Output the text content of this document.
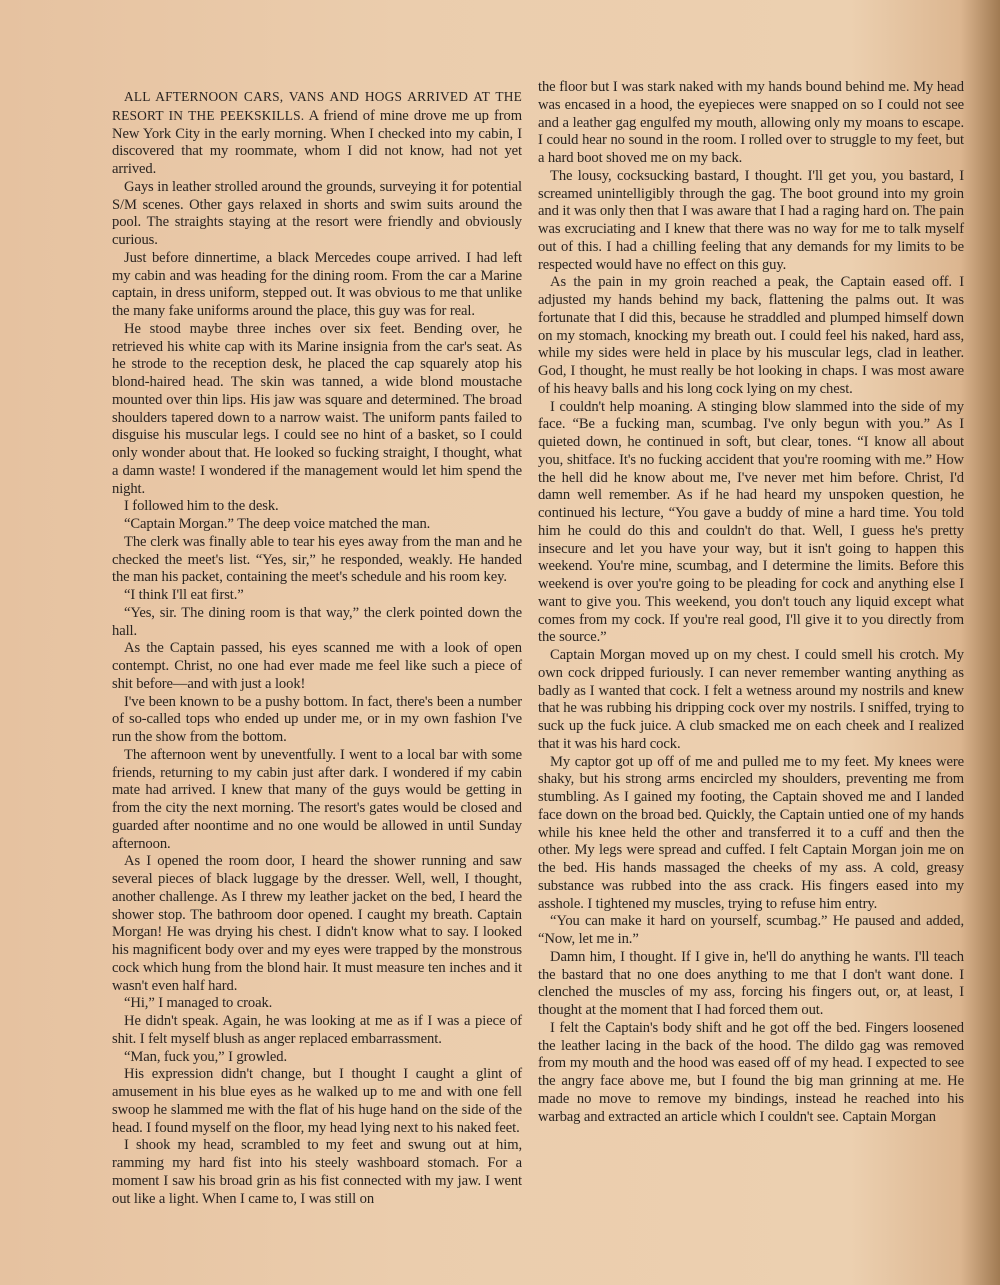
ALL AFTERNOON CARS, VANS AND HOGS ARRIVED AT THE RESORT IN THE PEEKSKILLS. A friend of mine drove me up from New York City in the early morning. When I checked into my cabin, I discovered that my roommate, whom I did not know, had not yet arrived.

Gays in leather strolled around the grounds, surveying it for potential S/M scenes. Other gays relaxed in shorts and swim suits around the pool. The straights staying at the resort were friendly and obviously curious.

Just before dinnertime, a black Mercedes coupe arrived. I had left my cabin and was heading for the dining room. From the car a Marine captain, in dress uniform, stepped out. It was obvious to me that unlike the many fake uniforms around the place, this guy was for real.

He stood maybe three inches over six feet. Bending over, he retrieved his white cap with its Marine insignia from the car's seat. As he strode to the reception desk, he placed the cap squarely atop his blond-haired head. The skin was tanned, a wide blond moustache mounted over thin lips. His jaw was square and determined. The broad shoulders tapered down to a narrow waist. The uniform pants failed to disguise his muscular legs. I could see no hint of a basket, so I could only wonder about that. He looked so fucking straight, I thought, what a damn waste! I wondered if the management would let him spend the night.

I followed him to the desk.

“Captain Morgan.” The deep voice matched the man.

The clerk was finally able to tear his eyes away from the man and he checked the meet's list. “Yes, sir,” he responded, weakly. He handed the man his packet, containing the meet's schedule and his room key.

“I think I'll eat first.”

“Yes, sir. The dining room is that way,” the clerk pointed down the hall.

As the Captain passed, his eyes scanned me with a look of open contempt. Christ, no one had ever made me feel like such a piece of shit before—and with just a look!

I've been known to be a pushy bottom. In fact, there's been a number of so-called tops who ended up under me, or in my own fashion I've run the show from the bottom.

The afternoon went by uneventfully. I went to a local bar with some friends, returning to my cabin just after dark. I wondered if my cabin mate had arrived. I knew that many of the guys would be getting in from the city the next morning. The resort's gates would be closed and guarded after noontime and no one would be allowed in until Sunday afternoon.

As I opened the room door, I heard the shower running and saw several pieces of black luggage by the dresser. Well, well, I thought, another challenge. As I threw my leather jacket on the bed, I heard the shower stop. The bathroom door opened. I caught my breath. Captain Morgan! He was drying his chest. I didn't know what to say. I looked his magnificent body over and my eyes were trapped by the monstrous cock which hung from the blond hair. It must measure ten inches and it wasn't even half hard.

“Hi,” I managed to croak.

He didn't speak. Again, he was looking at me as if I was a piece of shit. I felt myself blush as anger replaced embarrassment.

“Man, fuck you,” I growled.

His expression didn't change, but I thought I caught a glint of amusement in his blue eyes as he walked up to me and with one fell swoop he slammed me with the flat of his huge hand on the side of the head. I found myself on the floor, my head lying next to his naked feet.

I shook my head, scrambled to my feet and swung out at him, ramming my hard fist into his steely washboard stomach. For a moment I saw his broad grin as his fist connected with my jaw. I went out like a light. When I came to, I was still on

the floor but I was stark naked with my hands bound behind me. My head was encased in a hood, the eyepieces were snapped on so I could not see and a leather gag engulfed my mouth, allowing only my moans to escape. I could hear no sound in the room. I rolled over to struggle to my feet, but a hard boot shoved me on my back.

The lousy, cocksucking bastard, I thought. I'll get you, you bastard, I screamed unintelligibly through the gag. The boot ground into my groin and it was only then that I was aware that I had a raging hard on. The pain was excruciating and I knew that there was no way for me to talk myself out of this. I had a chilling feeling that any demands for my limits to be respected would have no effect on this guy.

As the pain in my groin reached a peak, the Captain eased off. I adjusted my hands behind my back, flattening the palms out. It was fortunate that I did this, because he straddled and plumped himself down on my stomach, knocking my breath out. I could feel his naked, hard ass, while my sides were held in place by his muscular legs, clad in leather. God, I thought, he must really be hot looking in chaps. I was most aware of his heavy balls and his long cock lying on my chest.

I couldn't help moaning. A stinging blow slammed into the side of my face. “Be a fucking man, scumbag. I've only begun with you.” As I quieted down, he continued in soft, but clear, tones. “I know all about you, shitface. It's no fucking accident that you're rooming with me.” How the hell did he know about me, I've never met him before. Christ, I'd damn well remember. As if he had heard my unspoken question, he continued his lecture, “You gave a buddy of mine a hard time. You told him he could do this and couldn't do that. Well, I guess he's pretty insecure and let you have your way, but it isn't going to happen this weekend. You're mine, scumbag, and I determine the limits. Before this weekend is over you're going to be pleading for cock and anything else I want to give you. This weekend, you don't touch any liquid except what comes from my cock. If you're real good, I'll give it to you directly from the source.”

Captain Morgan moved up on my chest. I could smell his crotch. My own cock dripped furiously. I can never remember wanting anything as badly as I wanted that cock. I felt a wetness around my nostrils and knew that he was rubbing his dripping cock over my nostrils. I sniffed, trying to suck up the fuck juice. A club smacked me on each cheek and I realized that it was his hard cock.

My captor got up off of me and pulled me to my feet. My knees were shaky, but his strong arms encircled my shoulders, preventing me from stumbling. As I gained my footing, the Captain shoved me and I landed face down on the broad bed. Quickly, the Captain untied one of my hands while his knee held the other and transferred it to a cuff and then the other. My legs were spread and cuffed. I felt Captain Morgan join me on the bed. His hands massaged the cheeks of my ass. A cold, greasy substance was rubbed into the ass crack. His fingers eased into my asshole. I tightened my muscles, trying to refuse him entry.

“You can make it hard on yourself, scumbag.” He paused and added, “Now, let me in.”

Damn him, I thought. If I give in, he'll do anything he wants. I'll teach the bastard that no one does anything to me that I don't want done. I clenched the muscles of my ass, forcing his fingers out, or, at least, I thought at the moment that I had forced them out.

I felt the Captain's body shift and he got off the bed. Fingers loosened the leather lacing in the back of the hood. The dildo gag was removed from my mouth and the hood was eased off of my head. I expected to see the angry face above me, but I found the big man grinning at me. He made no move to remove my bindings, instead he reached into his warbag and extracted an article which I couldn't see. Captain Morgan
